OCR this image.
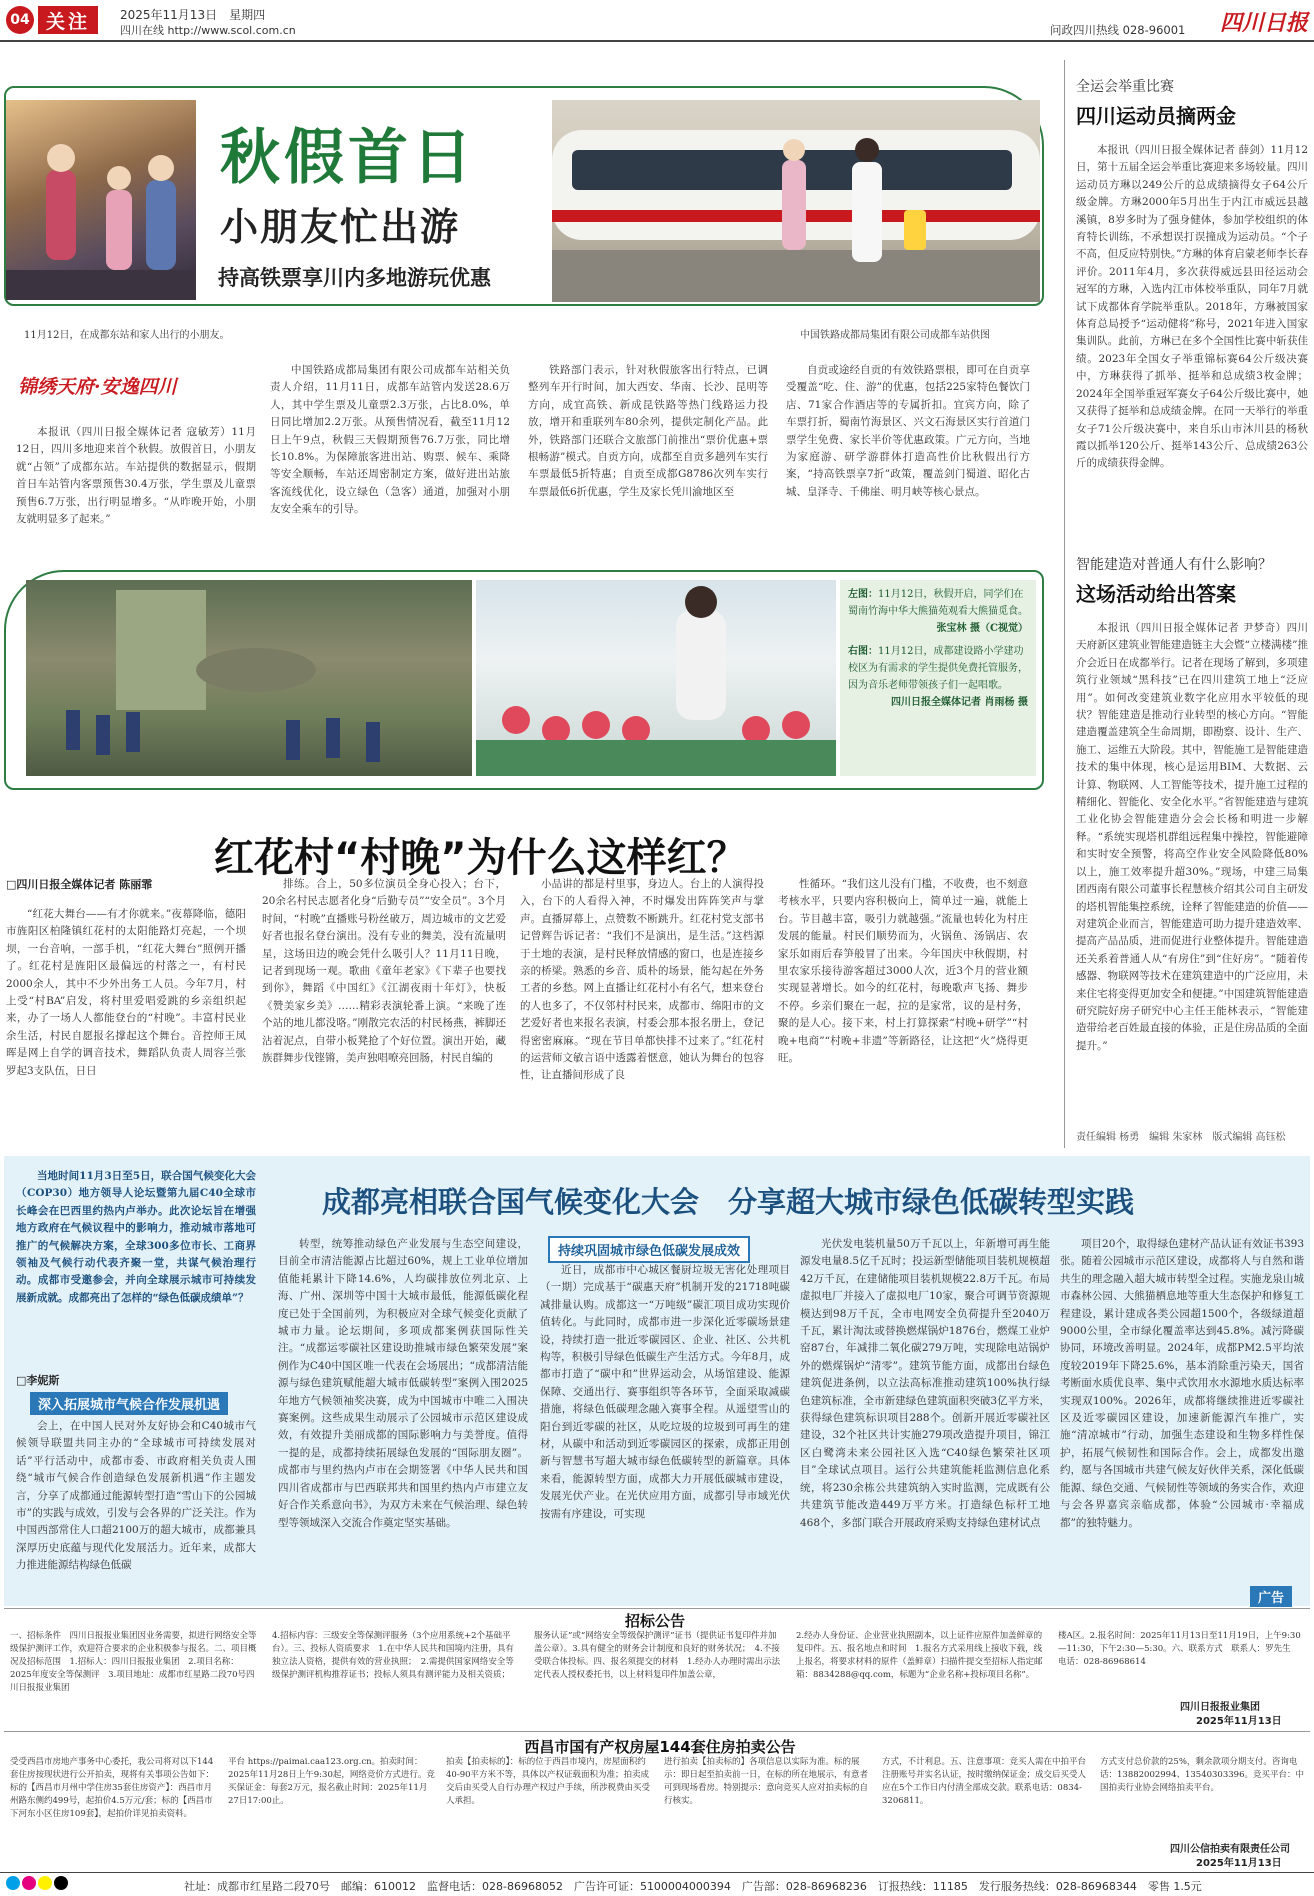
04 关注	2025年11月13日　星期四
四川在线 http://www.scol.com.cn	问政四川热线 028-96001 四川日报
秋假首日
小朋友忙出游
持高铁票享川内多地游玩优惠
11月12日，在成都东站和家人出行的小朋友。	中国铁路成都局集团有限公司成都车站供图
锦绣天府·安逸四川

本报讯（四川日报全媒体记者 寇敏芳）11月12日，四川多地迎来首个秋假。放假首日，小朋友就“占领”了成都东站。车站提供的数据显示，假期首日车站管内客票预售30.4万张，学生票及儿童票预售6.7万张，出行明显增多。“从昨晚开始，小朋友就明显多了起来。”

中国铁路成都局集团有限公司成都车站相关负责人介绍，11月11日，成都车站管内发送28.6万人，其中学生票及儿童票2.3万张，占比8.0%，单日同比增加2.2万张。从预售情况看，截至11月12日上午9点，秋假三天假期预售76.7万张，同比增长10.8%。为保障旅客进出站、购票、候车、乘降等安全顺畅，车站还周密制定方案，做好进出站旅客流线优化，设立绿色（急客）通道，加强对小朋友安全乘车的引导。

铁路部门表示，针对秋假旅客出行特点，已调整列车开行时间，加大西安、华南、长沙、昆明等方向，成宜高铁、新成昆铁路等热门线路运力投放，增开和重联列车80余列，提供定制化产品。此外，铁路部门还联合文旅部门前推出“票价优惠+票根畅游”模式。自贡方向，成都至自贡多趟列车实行车票最低5折特惠；自贡至成都G8786次列车实行车票最低6折优惠，学生及家长凭川渝地区至

自贡或途经自贡的有效铁路票根，即可在自贡享受覆盖“吃、住、游”的优惠，包括225家特色餐饮门店、71家合作酒店等的专属折扣。宜宾方向，除了车票打折，蜀南竹海景区、兴文石海景区实行首道门票学生免费、家长半价等优惠政策。广元方向，当地为家庭游、研学游群体打造高性价比秋假出行方案，“持高铁票享7折”政策，覆盖剑门蜀道、昭化古城、皇泽寺、千佛崖、明月峡等核心景点。

左图：11月12日，秋假开启，同学们在蜀南竹海中华大熊猫苑观看大熊猫觅食。
张宝林 摄（C视觉）
右图：11月12日，成都建设路小学建功校区为有需求的学生提供免费托管服务，因为音乐老师带领孩子们一起唱歌。
四川日报全媒体记者 肖雨杨 摄
红花村“村晚”为什么这样红？
□四川日报全媒体记者 陈丽霏

“红花大舞台——有才你就来。”夜幕降临，德阳市旌阳区柏隆镇红花村的太阳能路灯亮起，一个坝坝，一台音响，一部手机，“红花大舞台”照例开播了。红花村是旌阳区最偏远的村落之一，有村民2000余人，其中不少外出务工人员。今年7月，村上受“村BA”启发，将村里爱唱爱跳的乡亲组织起来，办了一场人人都能登台的“村晚”。丰富村民业余生活，村民自愿报名撑起这个舞台。音控师王凤晖是网上自学的调音技术，舞蹈队负责人周容兰张罗起3支队伍，日日

排练。合上，50多位演员全身心投入；台下，20余名村民志愿者化身“后勤专员”“安全员”。3个月时间，“村晚”直播账号粉丝破万，周边城市的文艺爱好者也报名登台演出。没有专业的舞美，没有流量明星，这场田边的晚会凭什么吸引人？11月11日晚，记者到现场一观。歌曲《童年老家》《下辈子也要找到你》，舞蹈《中国红》《江湖夜雨十年灯》，快板《赞美家乡美》……精彩表演轮番上演。“来晚了连个站的地儿都没咯。”刚散完农活的村民杨燕，裤脚还沾着泥点，自带小板凳抢了个好位置。演出开始，藏族群舞步伐铿锵，美声独唱嘹亮回肠，村民自编的

小品讲的都是村里事，身边人。台上的人演得投入，台下的人看得入神，不时爆发出阵阵笑声与掌声。直播屏幕上，点赞数不断跳升。红花村党支部书记曾辉告诉记者：“我们不是演出，是生活。”这档源于土地的表演，是村民释放情感的窗口，也是连接乡亲的桥梁。熟悉的乡音、质朴的场景，能勾起在外务工者的乡愁。网上直播让红花村小有名气，想来登台的人也多了，不仅邻村村民来，成都市、绵阳市的文艺爱好者也来报名表演，村委会那本报名册上，登记得密密麻麻。“现在节目单都快排不过来了。”红花村的运营师文敏言语中透露着惬意，她认为舞台的包容性，让直播间形成了良

性循环。“我们这儿没有门槛，不收费，也不刻意考核水平，只要内容积极向上，简单过一遍，就能上台。节目越丰富，吸引力就越强。”流量也转化为村庄发展的能量。村民们顺势而为，火锅鱼、汤锅店、农家乐如雨后春笋般冒了出来。今年国庆中秋假期，村里农家乐接待游客超过3000人次，近3个月的营业额实现显著增长。如今的红花村，每晚歌声飞扬、舞步不停。乡亲们聚在一起，拉的是家常，议的是村务，聚的是人心。接下来，村上打算探索“村晚+研学”“村晚+电商”“村晚+非遗”等新路径，让这把“火”烧得更旺。

全运会举重比赛
四川运动员摘两金

本报讯（四川日报全媒体记者 薛剑）11月12日，第十五届全运会举重比赛迎来多场较量。四川运动员方琳以249公斤的总成绩摘得女子64公斤级金牌。方琳2000年5月出生于内江市威远县越溪镇，8岁多时为了强身健体，参加学校组织的体育特长训练，不承想误打误撞成为运动员。“个子不高，但反应特别快。”方琳的体育启蒙老师李长春评价。2011年4月，多次获得威远县田径运动会冠军的方琳，入选内江市体校举重队，同年7月就试下成都体育学院举重队。2018年，方琳被国家体育总局授予“运动健将”称号，2021年进入国家集训队。此前，方琳已在多个全国性比赛中斩获佳绩。2023年全国女子举重锦标赛64公斤级决赛中，方琳获得了抓举、挺举和总成绩3枚金牌；2024年全国举重冠军赛女子64公斤级比赛中，她又获得了挺举和总成绩金牌。在同一天举行的举重女子71公斤级决赛中，来自乐山市沐川县的杨秋霞以抓举120公斤、挺举143公斤、总成绩263公斤的成绩获得金牌。

智能建造对普通人有什么影响？
这场活动给出答案

本报讯（四川日报全媒体记者 尹梦奇）四川天府新区建筑业智能建造链主大会暨“立楼满楼”推介会近日在成都举行。记者在现场了解到，多项建筑行业领域“黑科技”已在四川建筑工地上“泛应用”。如何改变建筑业数字化应用水平较低的现状？智能建造是推动行业转型的核心方向。“智能建造覆盖建筑全生命周期，即勘察、设计、生产、施工、运维五大阶段。其中，智能施工是智能建造技术的集中体现，核心是运用BIM、大数据、云计算、物联网、人工智能等技术，提升施工过程的精细化、智能化、安全化水平。”省智能建造与建筑工业化协会智能建造分会会长杨和明进一步解释。“系统实现塔机群组远程集中操控，智能避障和实时安全预警，将高空作业安全风险降低80%以上，施工效率提升超30%。”现场，中建三局集团西南有限公司董事长程慧核介绍其公司自主研发的塔机智能集控系统，诠释了智能建造的价值——对建筑企业而言，智能建造可助力提升建造效率、提高产品品质，进而促进行业整体提升。智能建造还关系着普通人从“有房住”到“住好房”。“随着传感器、物联网等技术在建筑建造中的广泛应用，未来住宅将变得更加安全和便捷。”中国建筑智能建造研究院好房子研究中心主任王能林表示，“智能建造带给老百姓最直接的体验，正是住房品质的全面提升。”

责任编辑 杨勇　编辑 朱家林　版式编辑 高钰松

当地时间11月3日至5日，联合国气候变化大会（COP30）地方领导人论坛暨第九届C40全球市长峰会在巴西里约热内卢举办。此次论坛旨在增强地方政府在气候议程中的影响力，推动城市落地可推广的气候解决方案，全球300多位市长、工商界领袖及气候行动代表齐聚一堂，共谋气候治理行动。成都市受邀参会，并向全球展示城市可持续发展新成就。成都亮出了怎样的“绿色低碳成绩单”？

□李妮斯
成都亮相联合国气候变化大会　分享超大城市绿色低碳转型实践
深入拓展城市气候合作发展机遇
持续巩固城市绿色低碳发展成效

会上，在中国人民对外友好协会和C40城市气候领导联盟共同主办的“全球城市可持续发展对话”平行活动中，成都市委、市政府相关负责人围绕“城市气候合作创造绿色发展新机遇”作主题发言，分享了成都通过能源转型打造“雪山下的公园城市”的实践与成效，引发与会各界的广泛关注。作为中国西部常住人口超2100万的超大城市，成都兼具深厚历史底蕴与现代化发展活力。近年来，成都大力推进能源结构绿色低碳

转型，统筹推动绿色产业发展与生态空间建设，目前全市清洁能源占比超过60%，规上工业单位增加值能耗累计下降14.6%，人均碳排放位列北京、上海、广州、深圳等中国十大城市最低，能源低碳化程度已处于全国前列，为积极应对全球气候变化贡献了城市力量。论坛期间，多项成都案例获国际性关注。“成都运零碳社区建设助推城市绿色繁荣发展”案例作为C40中国区唯一代表在会场展出；“成都清洁能源与绿色建筑赋能超大城市低碳转型”案例入围2025年地方气候领袖奖决赛，成为中国城市中唯二入围决赛案例。这些成果生动展示了公园城市示范区建设成效，有效提升美丽成都的国际影响力与美誉度。值得一提的是，成都持续拓展绿色发展的“国际朋友圈”。成都市与里约热内卢市在会期签署《中华人民共和国四川省成都市与巴西联邦共和国里约热内卢市建立友好合作关系意向书》，为双方未来在气候治理、绿色转型等领域深入交流合作奠定坚实基础。

近日，成都市中心城区餐厨垃圾无害化处理项目（一期）完成基于“碳惠天府”机制开发的21718吨碳减排量认购。成都这一“万吨级”碳汇项目成功实现价值转化。与此同时，成都市进一步深化近零碳场景建设，持续打造一批近零碳园区、企业、社区、公共机构等，积极引导绿色低碳生产生活方式。今年8月，成都市打造了“碳中和”世界运动会，从场馆建设、能源保障、交通出行、赛事组织等各环节，全面采取减碳措施，将绿色低碳理念融入赛事全程。从遥望雪山的阳台到近零碳的社区，从吃垃圾的垃圾到可再生的建材，从碳中和活动到近零碳园区的探索，成都正用创新与智慧书写超大城市绿色低碳转型的新篇章。具体来看，能源转型方面，成都大力开展低碳城市建设，发展光伏产业。在光伏应用方面，成都引导市域光伏按需有序建设，可实现

光伏发电装机量50万千瓦以上，年新增可再生能源发电量8.5亿千瓦时；投运新型储能项目装机规模超42万千瓦，在建储能项目装机规模22.8万千瓦。布局虚拟电厂并接入了虚拟电厂10家，聚合可调节资源规模达到98万千瓦，全市电网安全负荷提升至2040万千瓦，累计淘汰或替换燃煤锅炉1876台，燃煤工业炉窑87台，年减排二氧化碳279万吨，实现除电站锅炉外的燃煤锅炉“清零”。建筑节能方面，成都出台绿色建筑促进条例，以立法高标准推动建筑100%执行绿色建筑标准，全市新建绿色建筑面积突破3亿平方米，获得绿色建筑标识项目288个。创新开展近零碳社区建设，32个社区共计实施279项改造提升项目，锦江区白鹭湾未来公园社区入选“C40绿色繁荣社区项目”全球试点项目。运行公共建筑能耗监测信息化系统，将230余栋公共建筑纳入实时监测，完成既有公共建筑节能改造449万平方米。打造绿色标杆工地468个，多部门联合开展政府采购支持绿色建材试点

项目20个，取得绿色建材产品认证有效证书393张。随着公园城市示范区建设，成都将人与自然和谐共生的理念融入超大城市转型全过程。实施龙泉山城市森林公园、大熊猫栖息地等重大生态保护和修复工程建设，累计建成各类公园超1500个，各级绿道超9000公里，全市绿化覆盖率达到45.8%。减污降碳协同，环境改善明显。2024年，成都PM2.5平均浓度较2019年下降25.6%，基本消除重污染天，国省考断面水质优良率、集中式饮用水水源地水质达标率实现双100%。2026年，成都将继续推进近零碳社区及近零碳园区建设，加速新能源汽车推广，实施“清凉城市”行动，加强生态建设和生物多样性保护，拓展气候韧性和国际合作。会上，成都发出邀约，愿与各国城市共建气候友好伙伴关系，深化低碳能源、绿色交通、气候韧性等领域的务实合作，欢迎与会各界嘉宾亲临成都，体验“公园城市·幸福成都”的独特魅力。

广告
招标公告
一、招标条件　四川日报报业集团因业务需要，拟进行网络安全等级保护测评工作，欢迎符合要求的企业积极参与报名。二、项目概况及招标范围　1.招标人：四川日报报业集团　2.项目名称：2025年度安全等保测评　3.项目地址：成都市红星路二段70号四川日报报业集团
4.招标内容：三级安全等保测评服务（3个应用系统+2个基础平台）。三、投标人资质要求　1.在中华人民共和国境内注册，具有独立法人资格，提供有效的营业执照；　2.需提供国家网络安全等级保护测评机构推荐证书；投标人须具有测评能力及相关资质；
服务认证”或“网络安全等级保护测评”证书（提供证书复印件并加盖公章）。3.具有健全的财务会计制度和良好的财务状况；　4.不接受联合体投标。四、报名须提交的材料　1.经办人办理时需出示法定代表人授权委托书，以上材料复印件加盖公章，
2.经办人身份证、企业营业执照副本，以上证件应原件加盖鲜章的复印件。五、报名地点和时间　1.报名方式采用线上接收下载，线上报名，将要求材料的原件（盖鲜章）扫描件提交至招标人指定邮箱：8834288@qq.com，标题为“企业名称+投标项目名称”。
楼A区。2.报名时间：2025年11月13日至11月19日，上午9:30—11:30，下午2:30—5:30。六、联系方式　联系人：罗先生　电话：028-86968614
四川日报报业集团
2025年11月13日
西昌市国有产权房屋144套住房拍卖公告
受受西昌市房地产事务中心委托，我公司将对以下144套住房按现状进行公开拍卖，现将有关事项公告如下：标的【西昌市月州中学住房35套住房资产】：西昌市月州路东侧约499号，起拍价4.5万元/套；标的【西昌市下河东小区住房109套】，起拍价详见拍卖资料。
平台 https://paimai.caa123.org.cn。拍卖时间：2025年11月28日上午9:30起，网络竞价方式进行。竞买保证金：每套2万元，报名截止时间：2025年11月27日17:00止。
拍卖【拍卖标的】：标的位于西昌市境内，房屋面积约40-90平方米不等，具体以产权证载面积为准；拍卖成交后由买受人自行办理产权过户手续，所涉税费由买受人承担。
进行拍卖【拍卖标的】各项信息以实际为准。标的展示：即日起至拍卖前一日，在标的所在地展示，有意者可到现场看房。特别提示：意向竞买人应对拍卖标的自行核实。
方式，不计利息。五、注意事项：竞买人需在中拍平台注册账号并实名认证，按时缴纳保证金；成交后买受人应在5个工作日内付清全部成交款。联系电话：0834-3206811。
方式支付总价款的25%，剩余款项分期支付。咨询电话：13882002994、13540303396。竞买平台：中国拍卖行业协会网络拍卖平台。
四川公信拍卖有限责任公司
2025年11月13日
社址：成都市红星路二段70号　邮编：610012　监督电话：028-86968052　广告许可证：5100004000394　广告部：028-86968236　订报热线：11185　发行服务热线：028-86968344　零售 1.5元
